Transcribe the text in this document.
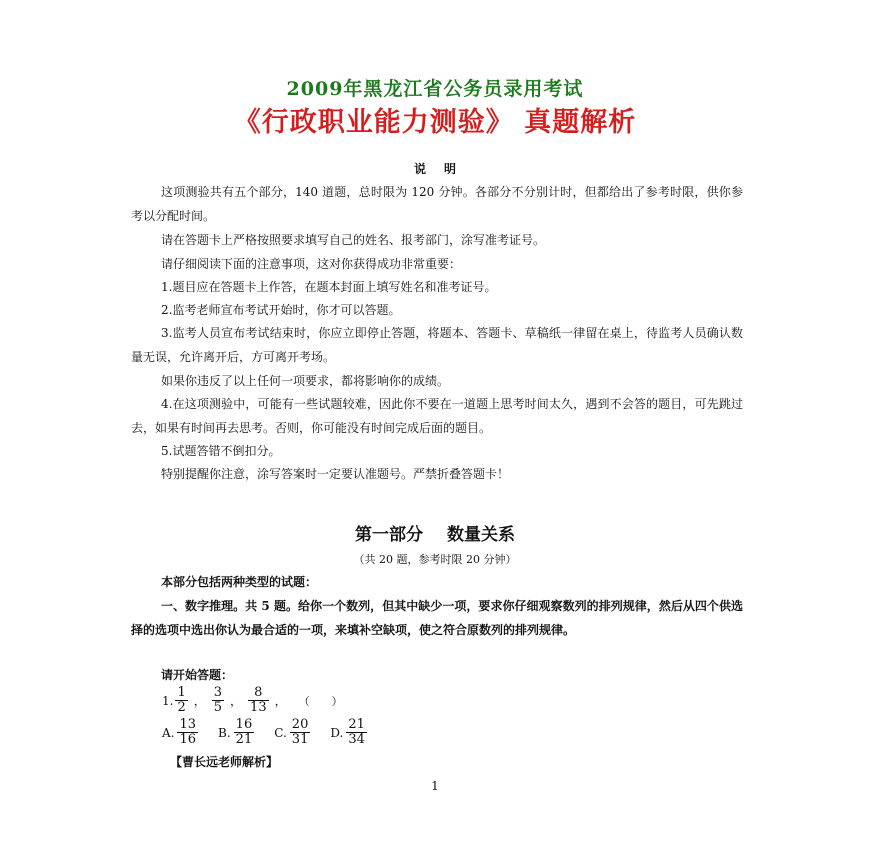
2009年黑龙江省公务员录用考试
《行政职业能力测验》 真题解析
说明

这项测验共有五个部分，140 道题，总时限为 120 分钟。各部分不分别计时，但都给出了参考时限，供你参考以分配时间。

请在答题卡上严格按照要求填写自己的姓名、报考部门，涂写准考证号。

请仔细阅读下面的注意事项，这对你获得成功非常重要：

1.题目应在答题卡上作答，在题本封面上填写姓名和准考证号。

2.监考老师宣布考试开始时，你才可以答题。

3.监考人员宣布考试结束时，你应立即停止答题，将题本、答题卡、草稿纸一律留在桌上，待监考人员确认数量无误，允许离开后，方可离开考场。

如果你违反了以上任何一项要求，都将影响你的成绩。

4.在这项测验中，可能有一些试题较难，因此你不要在一道题上思考时间太久，遇到不会答的题目，可先跳过去，如果有时间再去思考。否则，你可能没有时间完成后面的题目。

5.试题答错不倒扣分。

特别提醒你注意，涂写答案时一定要认准题号。严禁折叠答题卡！

第一部分 数量关系
（共 20 题，参考时限 20 分钟）

本部分包括两种类型的试题：

一、数字推理。共 5 题。给你一个数列，但其中缺少一项，要求你仔细观察数列的排列规律，然后从四个供选择的选项中选出你认为最合适的一项，来填补空缺项，使之符合原数列的排列规律。

请开始答题：

1. $\frac{1}{2}$ ， $\frac{3}{5}$ ， $\frac{8}{13}$ ， （　　）
A. $\frac{13}{16} B$. $\frac{16}{21} C$. $\frac{20}{31} D$. $\frac{21}{34}$
【曹长远老师解析】
1
